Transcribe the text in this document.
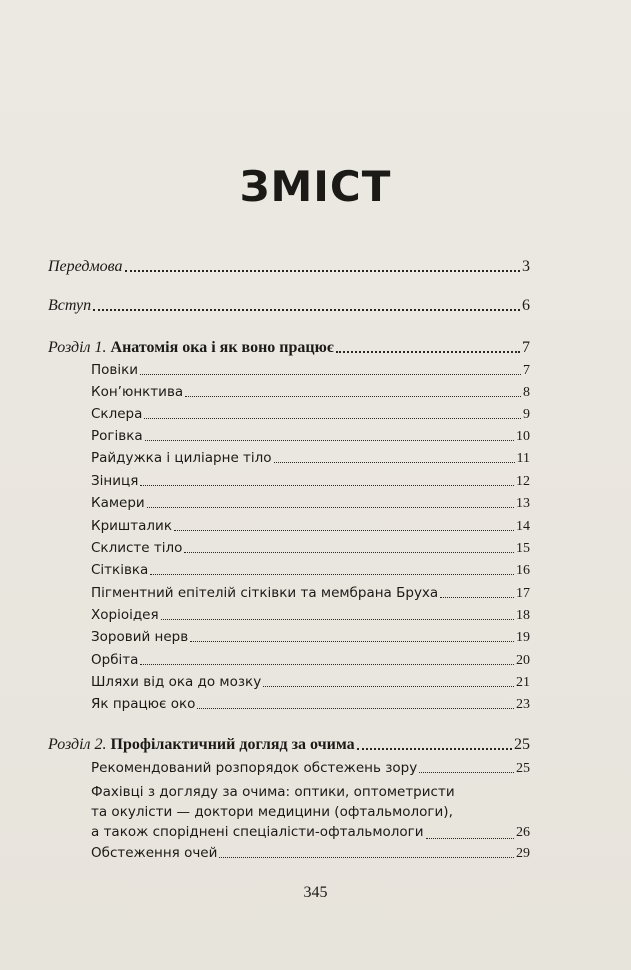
ЗМІСТ
Передмова	3
Вступ	6
Розділ 1. Анатомія ока і як воно працює	7
Повіки	7
Кон’юнктива	8
Склера	9
Рогівка	10
Райдужка і циліарне тіло	11
Зіниця	12
Камери	13
Кришталик	14
Склисте тіло	15
Сітківка	16
Пігментний епітелій сітківки та мембрана Бруха	17
Хоріоідея	18
Зоровий нерв	19
Орбіта	20
Шляхи від ока до мозку	21
Як працює око	23
Розділ 2. Профілактичний догляд за очима	25
Рекомендований розпорядок обстежень зору	25
Фахівці з догляду за очима: оптики, оптометристи
та окулісти — доктори медицини (офтальмологи),
а також споріднені спеціалісти-офтальмологи	26
Обстеження очей	29
345
